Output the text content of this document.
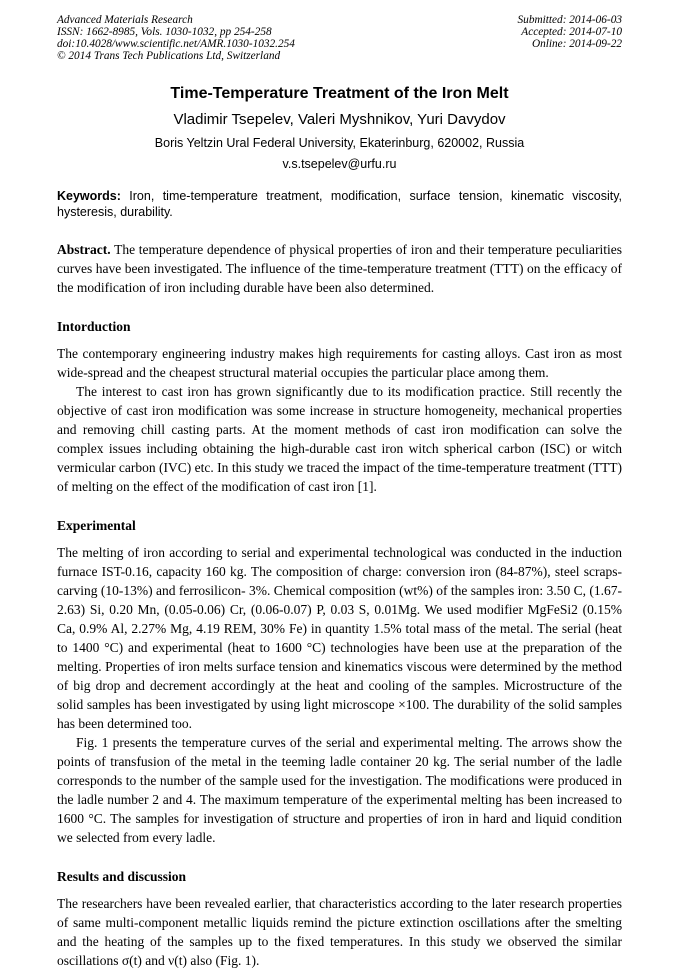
Advanced Materials Research
ISSN: 1662-8985, Vols. 1030-1032, pp 254-258
doi:10.4028/www.scientific.net/AMR.1030-1032.254
© 2014 Trans Tech Publications Ltd, Switzerland
Submitted: 2014-06-03
Accepted: 2014-07-10
Online: 2014-09-22
Time-Temperature Treatment of the Iron Melt
Vladimir Tsepelev, Valeri Myshnikov, Yuri Davydov
Boris Yeltzin Ural Federal University, Ekaterinburg, 620002, Russia
v.s.tsepelev@urfu.ru

Keywords: Iron, time-temperature treatment, modification, surface tension, kinematic viscosity, hysteresis, durability.

Abstract. The temperature dependence of physical properties of iron and their temperature peculiarities curves have been investigated. The influence of the time-temperature treatment (TTT) on the efficacy of the modification of iron including durable have been also determined.

Intorduction

The contemporary engineering industry makes high requirements for casting alloys. Cast iron as most wide-spread and the cheapest structural material occupies the particular place among them.

The interest to cast iron has grown significantly due to its modification practice. Still recently the objective of cast iron modification was some increase in structure homogeneity, mechanical properties and removing chill casting parts. At the moment methods of cast iron modification can solve the complex issues including obtaining the high-durable cast iron witch spherical carbon (ISC) or witch vermicular carbon (IVC) etc. In this study we traced the impact of the time-temperature treatment (TTT) of melting on the effect of the modification of cast iron [1].

Experimental

The melting of iron according to serial and experimental technological was conducted in the induction furnace IST-0.16, capacity 160 kg. The composition of charge: conversion iron (84-87%), steel scraps-carving (10-13%) and ferrosilicon- 3%. Chemical composition (wt%) of the samples iron: 3.50 C, (1.67-2.63) Si, 0.20 Mn, (0.05-0.06) Cr, (0.06-0.07) P, 0.03 S, 0.01Mg. We used modifier MgFeSi2 (0.15% Ca, 0.9% Al, 2.27% Mg, 4.19 REM, 30% Fe) in quantity 1.5% total mass of the metal. The serial (heat to 1400 °C) and experimental (heat to 1600 °C) technologies have been use at the preparation of the melting. Properties of iron melts surface tension and kinematics viscous were determined by the method of big drop and decrement accordingly at the heat and cooling of the samples. Microstructure of the solid samples has been investigated by using light microscope ×100. The durability of the solid samples has been determined too.

Fig. 1 presents the temperature curves of the serial and experimental melting. The arrows show the points of transfusion of the metal in the teeming ladle container 20 kg. The serial number of the ladle corresponds to the number of the sample used for the investigation. The modifications were produced in the ladle number 2 and 4. The maximum temperature of the experimental melting has been increased to 1600 °C. The samples for investigation of structure and properties of iron in hard and liquid condition we selected from every ladle.

Results and discussion

The researchers have been revealed earlier, that characteristics according to the later research properties of same multi-component metallic liquids remind the picture extinction oscillations after the smelting and the heating of the samples up to the fixed temperatures. In this study we observed the similar oscillations σ(t) and ν(t) also (Fig. 1).
